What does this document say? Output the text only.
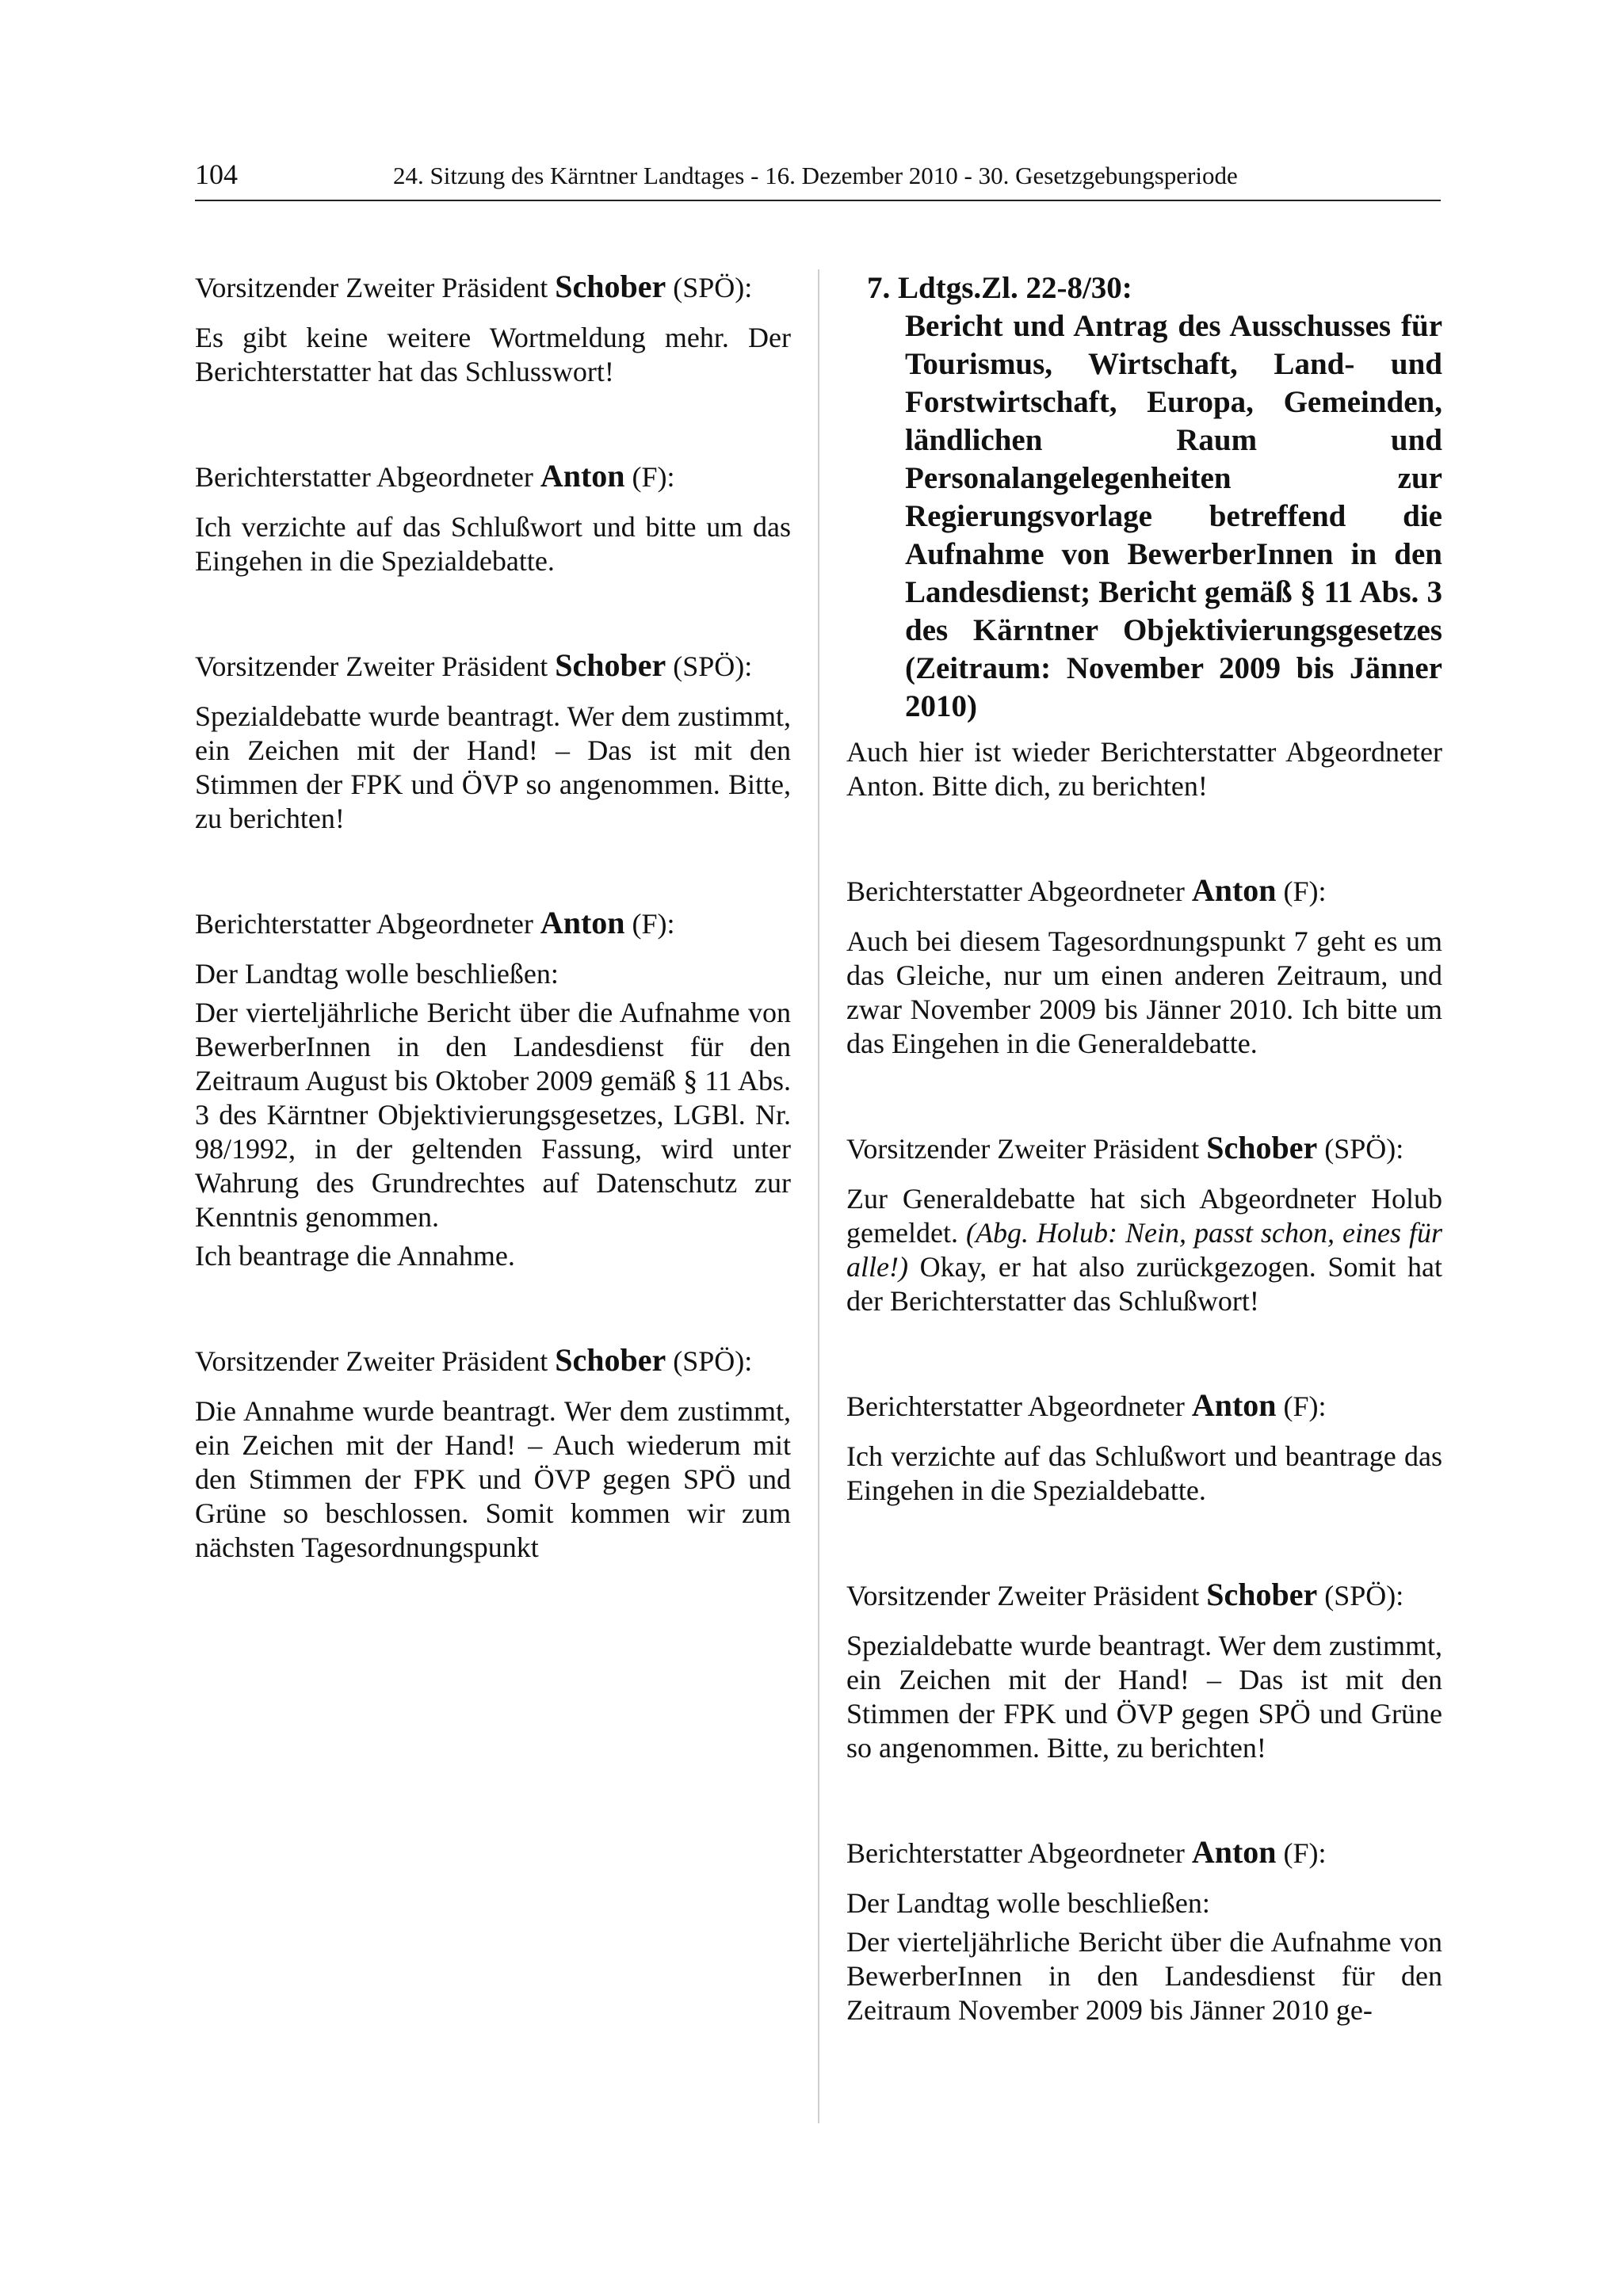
104	24. Sitzung des Kärntner Landtages - 16. Dezember 2010 - 30. Gesetzgebungsperiode
Vorsitzender Zweiter Präsident Schober (SPÖ):

Es gibt keine weitere Wortmeldung mehr. Der Berichterstatter hat das Schlusswort!

Berichterstatter Abgeordneter Anton (F):

Ich verzichte auf das Schlußwort und bitte um das Eingehen in die Spezialdebatte.

Vorsitzender Zweiter Präsident Schober (SPÖ):

Spezialdebatte wurde beantragt. Wer dem zustimmt, ein Zeichen mit der Hand! – Das ist mit den Stimmen der FPK und ÖVP so angenommen. Bitte, zu berichten!

Berichterstatter Abgeordneter Anton (F):

Der Landtag wolle beschließen:

Der vierteljährliche Bericht über die Aufnahme von BewerberInnen in den Landesdienst für den Zeitraum August bis Oktober 2009 gemäß § 11 Abs. 3 des Kärntner Objektivierungsgesetzes, LGBl. Nr. 98/1992, in der geltenden Fassung, wird unter Wahrung des Grundrechtes auf Datenschutz zur Kenntnis genommen.

Ich beantrage die Annahme.

Vorsitzender Zweiter Präsident Schober (SPÖ):

Die Annahme wurde beantragt. Wer dem zustimmt, ein Zeichen mit der Hand! – Auch wiederum mit den Stimmen der FPK und ÖVP gegen SPÖ und Grüne so beschlossen. Somit kommen wir zum nächsten Tagesordnungspunkt

7. Ldtgs.Zl. 22-8/30:
Bericht und Antrag des Ausschusses für Tourismus, Wirtschaft, Land- und Forstwirtschaft, Europa, Gemeinden, ländlichen Raum und Personalangelegenheiten zur Regierungsvorlage betreffend die Aufnahme von BewerberInnen in den Landesdienst; Bericht gemäß § 11 Abs. 3 des Kärntner Objektivierungsgesetzes (Zeitraum: November 2009 bis Jänner 2010)

Auch hier ist wieder Berichterstatter Abgeordneter Anton. Bitte dich, zu berichten!

Berichterstatter Abgeordneter Anton (F):

Auch bei diesem Tagesordnungspunkt 7 geht es um das Gleiche, nur um einen anderen Zeitraum, und zwar November 2009 bis Jänner 2010. Ich bitte um das Eingehen in die Generaldebatte.

Vorsitzender Zweiter Präsident Schober (SPÖ):

Zur Generaldebatte hat sich Abgeordneter Holub gemeldet. (Abg. Holub: Nein, passt schon, eines für alle!) Okay, er hat also zurückgezogen. Somit hat der Berichterstatter das Schlußwort!

Berichterstatter Abgeordneter Anton (F):

Ich verzichte auf das Schlußwort und beantrage das Eingehen in die Spezialdebatte.

Vorsitzender Zweiter Präsident Schober (SPÖ):

Spezialdebatte wurde beantragt. Wer dem zustimmt, ein Zeichen mit der Hand! – Das ist mit den Stimmen der FPK und ÖVP gegen SPÖ und Grüne so angenommen. Bitte, zu berichten!

Berichterstatter Abgeordneter Anton (F):

Der Landtag wolle beschließen:

Der vierteljährliche Bericht über die Aufnahme von BewerberInnen in den Landesdienst für den Zeitraum November 2009 bis Jänner 2010 ge-
